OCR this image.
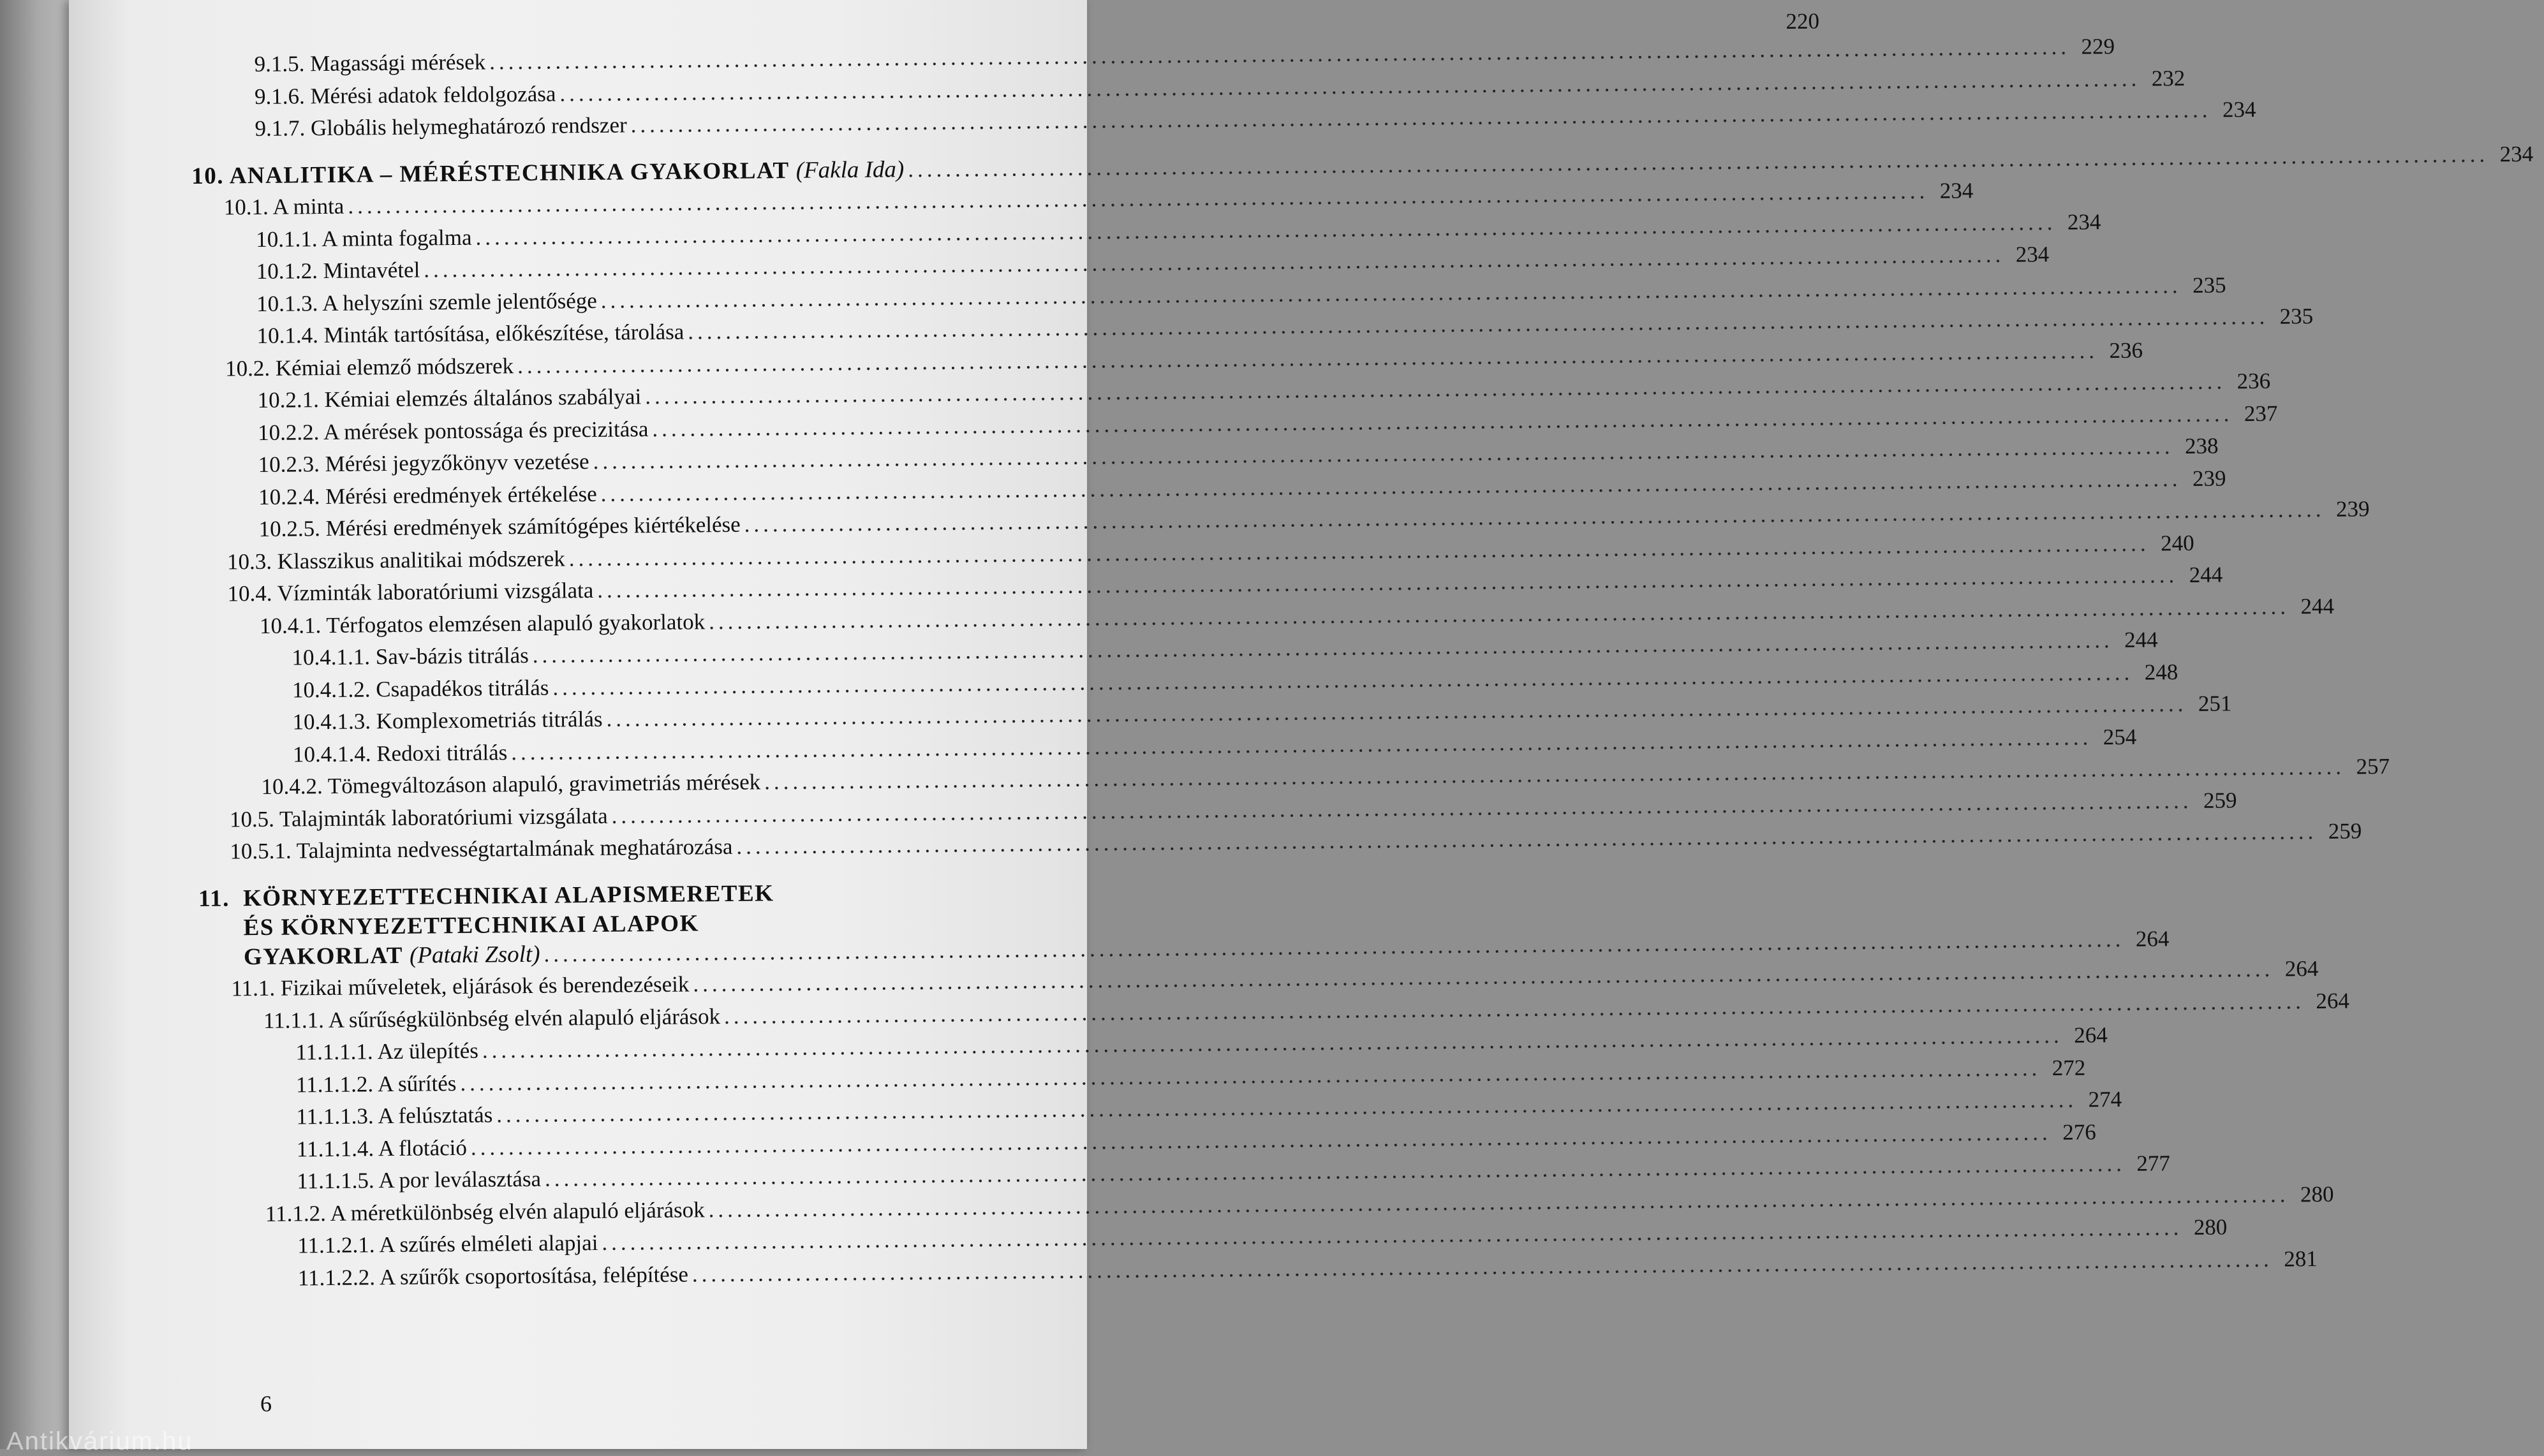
220
9.1.5. Magassági mérések
.....
229
9.1.6. Mérési adatok feldolgozása
.....
232
9.1.7. Globális helymeghatározó rendszer
.....
234
10. ANALITIKA – MÉRÉSTECHNIKA GYAKORLAT (Fakla Ida)
.....
234
10.1. A minta
.....
234
10.1.1. A minta fogalma
.....
234
10.1.2. Mintavétel
.....
234
10.1.3. A helyszíni szemle jelentősége
.....
235
10.1.4. Minták tartósítása, előkészítése, tárolása
.....
235
10.2. Kémiai elemző módszerek
.....
236
10.2.1. Kémiai elemzés általános szabályai
.....
236
10.2.2. A mérések pontossága és precizitása
.....
237
10.2.3. Mérési jegyzőkönyv vezetése
.....
238
10.2.4. Mérési eredmények értékelése
.....
239
10.2.5. Mérési eredmények számítógépes kiértékelése
.....
239
10.3. Klasszikus analitikai módszerek
.....
240
10.4. Vízminták laboratóriumi vizsgálata
.....
244
10.4.1. Térfogatos elemzésen alapuló gyakorlatok
.....
244
10.4.1.1. Sav-bázis titrálás
.....
244
10.4.1.2. Csapadékos titrálás
.....
248
10.4.1.3. Komplexometriás titrálás
.....
251
10.4.1.4. Redoxi titrálás
.....
254
10.4.2. Tömegváltozáson alapuló, gravimetriás mérések
.....
257
10.5. Talajminták laboratóriumi vizsgálata
.....
259
10.5.1. Talajminta nedvességtartalmának meghatározása
.....
259
11. KÖRNYEZETTECHNIKAI ALAPISMERETEK
ÉS KÖRNYEZETTECHNIKAI ALAPOK
GYAKORLAT (Pataki Zsolt)
.....
264
11.1. Fizikai műveletek, eljárások és berendezéseik
.....
264
11.1.1. A sűrűségkülönbség elvén alapuló eljárások
.....
264
11.1.1.1. Az ülepítés
.....
264
11.1.1.2. A sűrítés
.....
272
11.1.1.3. A felúsztatás
.....
274
11.1.1.4. A flotáció
.....
276
11.1.1.5. A por leválasztása
.....
277
11.1.2. A méretkülönbség elvén alapuló eljárások
.....
280
11.1.2.1. A szűrés elméleti alapjai
.....
280
11.1.2.2. A szűrők csoportosítása, felépítése
.....
281
6
Antikvárium.hu
